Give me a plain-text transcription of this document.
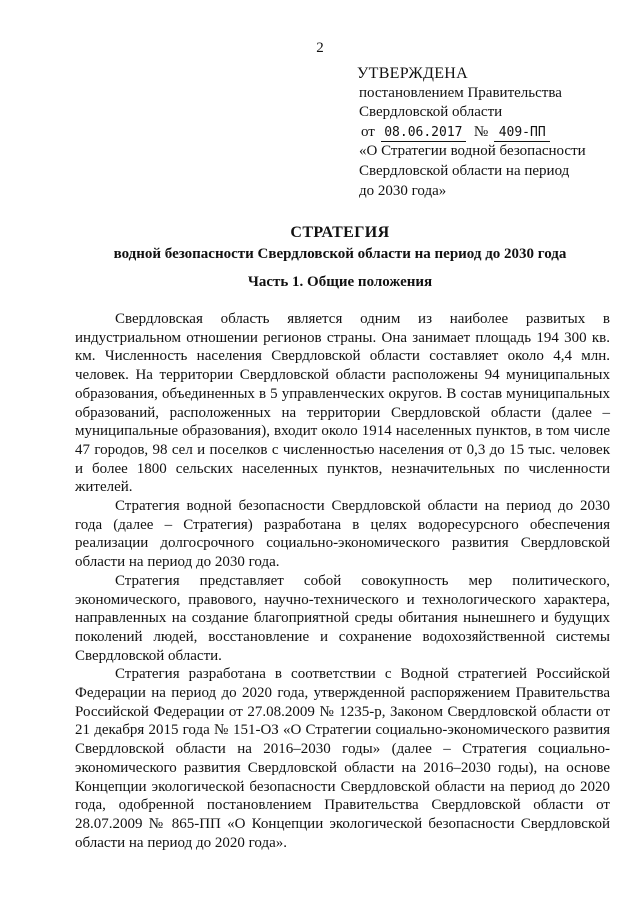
2
УТВЕРЖДЕНА
постановлением Правительства
Свердловской области
от 08.06.2017 № 409-ПП
«О Стратегии водной безопасности
Свердловской области на период
до 2030 года»
СТРАТЕГИЯ
водной безопасности Свердловской области на период до 2030 года
Часть 1. Общие положения

Свердловская область является одним из наиболее развитых в индустриальном отношении регионов страны. Она занимает площадь 194 300 кв. км. Численность населения Свердловской области составляет около 4,4 млн. человек. На территории Свердловской области расположены 94 муниципальных образования, объединенных в 5 управленческих округов. В состав муниципальных образований, расположенных на территории Свердловской области (далее – муниципальные образования), входит около 1914 населенных пунктов, в том числе 47 городов, 98 сел и поселков с численностью населения от 0,3 до 15 тыс. человек и более 1800 сельских населенных пунктов, незначительных по численности жителей.

Стратегия водной безопасности Свердловской области на период до 2030 года (далее – Стратегия) разработана в целях водоресурсного обеспечения реализации долгосрочного социально-экономического развития Свердловской области на период до 2030 года.

Стратегия представляет собой совокупность мер политического, экономического, правового, научно-технического и технологического характера, направленных на создание благоприятной среды обитания нынешнего и будущих поколений людей, восстановление и сохранение водохозяйственной системы Свердловской области.

Стратегия разработана в соответствии с Водной стратегией Российской Федерации на период до 2020 года, утвержденной распоряжением Правительства Российской Федерации от 27.08.2009 № 1235-р, Законом Свердловской области от 21 декабря 2015 года № 151-ОЗ «О Стратегии социально-экономического развития Свердловской области на 2016–2030 годы» (далее – Стратегия социально-экономического развития Свердловской области на 2016–2030 годы), на основе Концепции экологической безопасности Свердловской области на период до 2020 года, одобренной постановлением Правительства Свердловской области от 28.07.2009 № 865-ПП «О Концепции экологической безопасности Свердловской области на период до 2020 года».
